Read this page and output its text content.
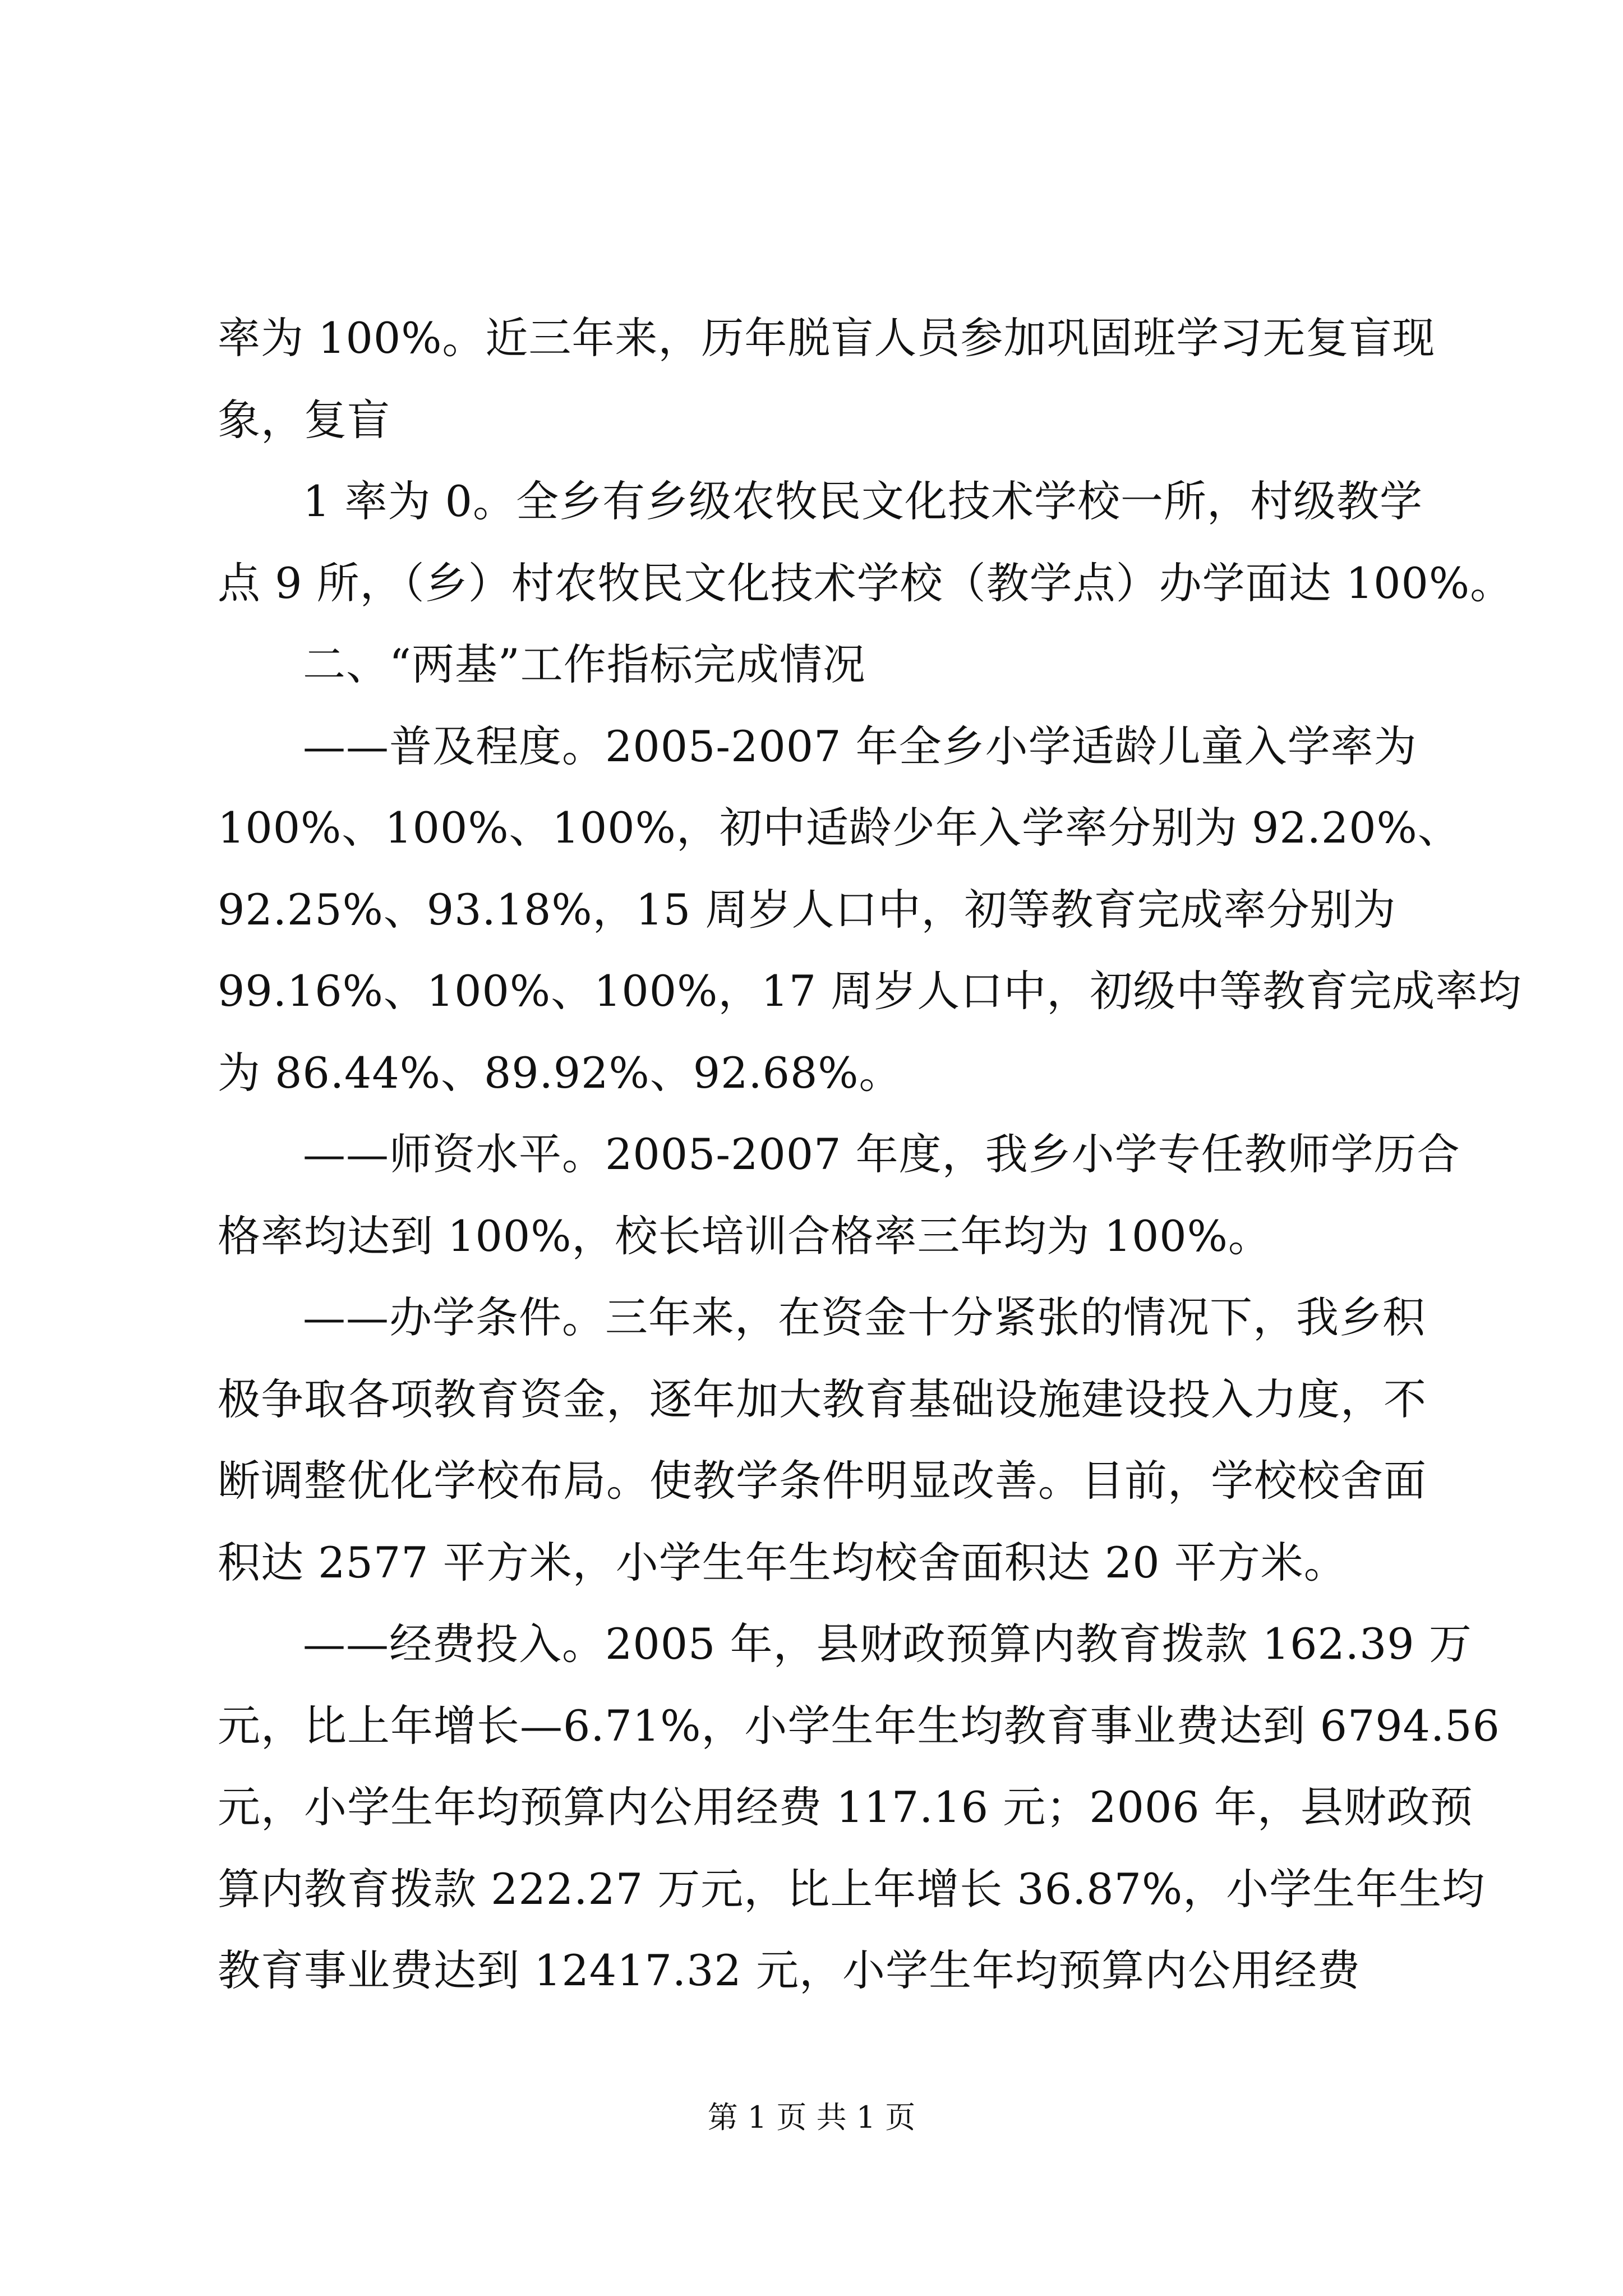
率为 100%。近三年来，历年脱盲人员参加巩固班学习无复盲现
象，复盲
1 率为 0。全乡有乡级农牧民文化技术学校一所，村级教学
点 9 所，（乡）村农牧民文化技术学校（教学点）办学面达 100%。
二、“两基”工作指标完成情况
——普及程度。2005-2007 年全乡小学适龄儿童入学率为
100%、100%、100%，初中适龄少年入学率分别为 92.20%、
92.25%、93.18%，15 周岁人口中，初等教育完成率分别为
99.16%、100%、100%，17 周岁人口中，初级中等教育完成率均
为 86.44%、89.92%、92.68%。
——师资水平。2005-2007 年度，我乡小学专任教师学历合
格率均达到 100%，校长培训合格率三年均为 100%。
——办学条件。三年来，在资金十分紧张的情况下，我乡积
极争取各项教育资金，逐年加大教育基础设施建设投入力度，不
断调整优化学校布局。使教学条件明显改善。目前，学校校舍面
积达 2577 平方米，小学生年生均校舍面积达 20 平方米。
——经费投入。2005 年，县财政预算内教育拨款 162.39 万
元，比上年增长—6.71%，小学生年生均教育事业费达到 6794.56
元，小学生年均预算内公用经费 117.16 元；2006 年，县财政预
算内教育拨款 222.27 万元，比上年增长 36.87%，小学生年生均
教育事业费达到 12417.32 元，小学生年均预算内公用经费
第 1 页 共 1 页
